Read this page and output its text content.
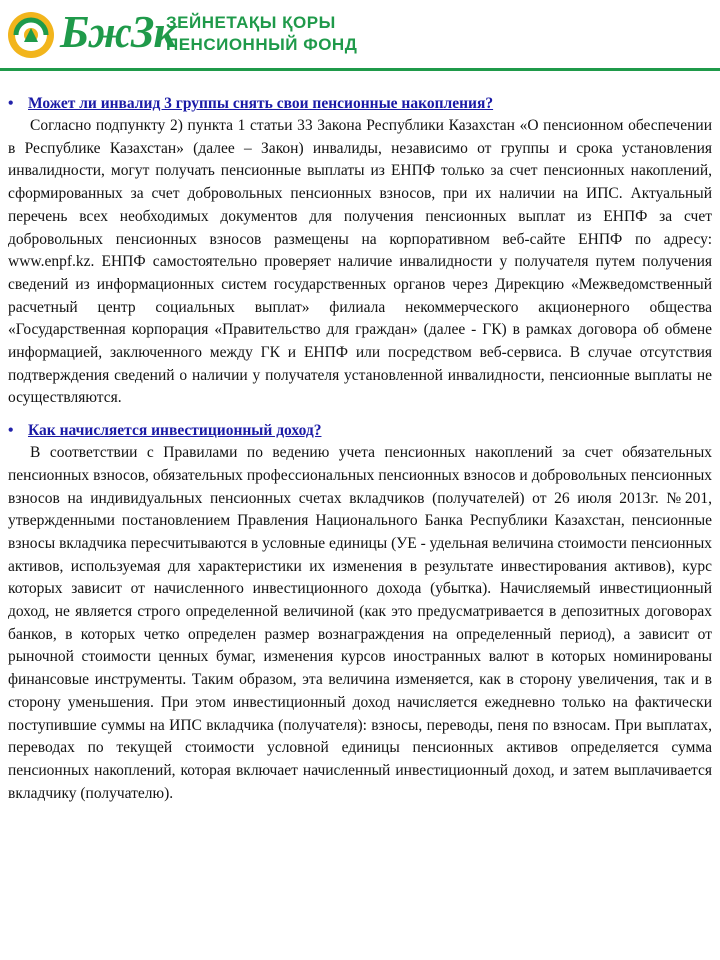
БжЗк
ЗЕЙНЕТАҚЫ ҚОРЫ
ПЕНСИОННЫЙ ФОНД
• Может ли инвалид 3 группы снять свои пенсионные накопления?

Согласно подпункту 2) пункта 1 статьи 33 Закона Республики Казахстан «О пенсионном обеспечении в Республике Казахстан» (далее – Закон) инвалиды, независимо от группы и срока установления инвалидности, могут получать пенсионные выплаты из ЕНПФ только за счет пенсионных накоплений, сформированных за счет добровольных пенсионных взносов, при их наличии на ИПС. Актуальный перечень всех необходимых документов для получения пенсионных выплат из ЕНПФ за счет добровольных пенсионных взносов размещены на корпоративном веб-сайте ЕНПФ по адресу: www.enpf.kz. ЕНПФ самостоятельно проверяет наличие инвалидности у получателя путем получения сведений из информационных систем государственных органов через Дирекцию «Межведомственный расчетный центр социальных выплат» филиала некоммерческого акционерного общества «Государственная корпорация «Правительство для граждан» (далее - ГК) в рамках договора об обмене информацией, заключенного между ГК и ЕНПФ или посредством веб-сервиса. В случае отсутствия подтверждения сведений о наличии у получателя установленной инвалидности, пенсионные выплаты не осуществляются.

• Как начисляется инвестиционный доход?

В соответствии с Правилами по ведению учета пенсионных накоплений за счет обязательных пенсионных взносов, обязательных профессиональных пенсионных взносов и добровольных пенсионных взносов на индивидуальных пенсионных счетах вкладчиков (получателей) от 26 июля 2013г. №201, утвержденными постановлением Правления Национального Банка Республики Казахстан, пенсионные взносы вкладчика пересчитываются в условные единицы (УЕ - удельная величина стоимости пенсионных активов, используемая для характеристики их изменения в результате инвестирования активов), курс которых зависит от начисленного инвестиционного дохода (убытка). Начисляемый инвестиционный доход, не является строго определенной величиной (как это предусматривается в депозитных договорах банков, в которых четко определен размер вознаграждения на определенный период), а зависит от рыночной стоимости ценных бумаг, изменения курсов иностранных валют в которых номинированы финансовые инструменты. Таким образом, эта величина изменяется, как в сторону увеличения, так и в сторону уменьшения. При этом инвестиционный доход начисляется ежедневно только на фактически поступившие суммы на ИПС вкладчика (получателя): взносы, переводы, пеня по взносам. При выплатах, переводах по текущей стоимости условной единицы пенсионных активов определяется сумма пенсионных накоплений, которая включает начисленный инвестиционный доход, и затем выплачивается вкладчику (получателю).
